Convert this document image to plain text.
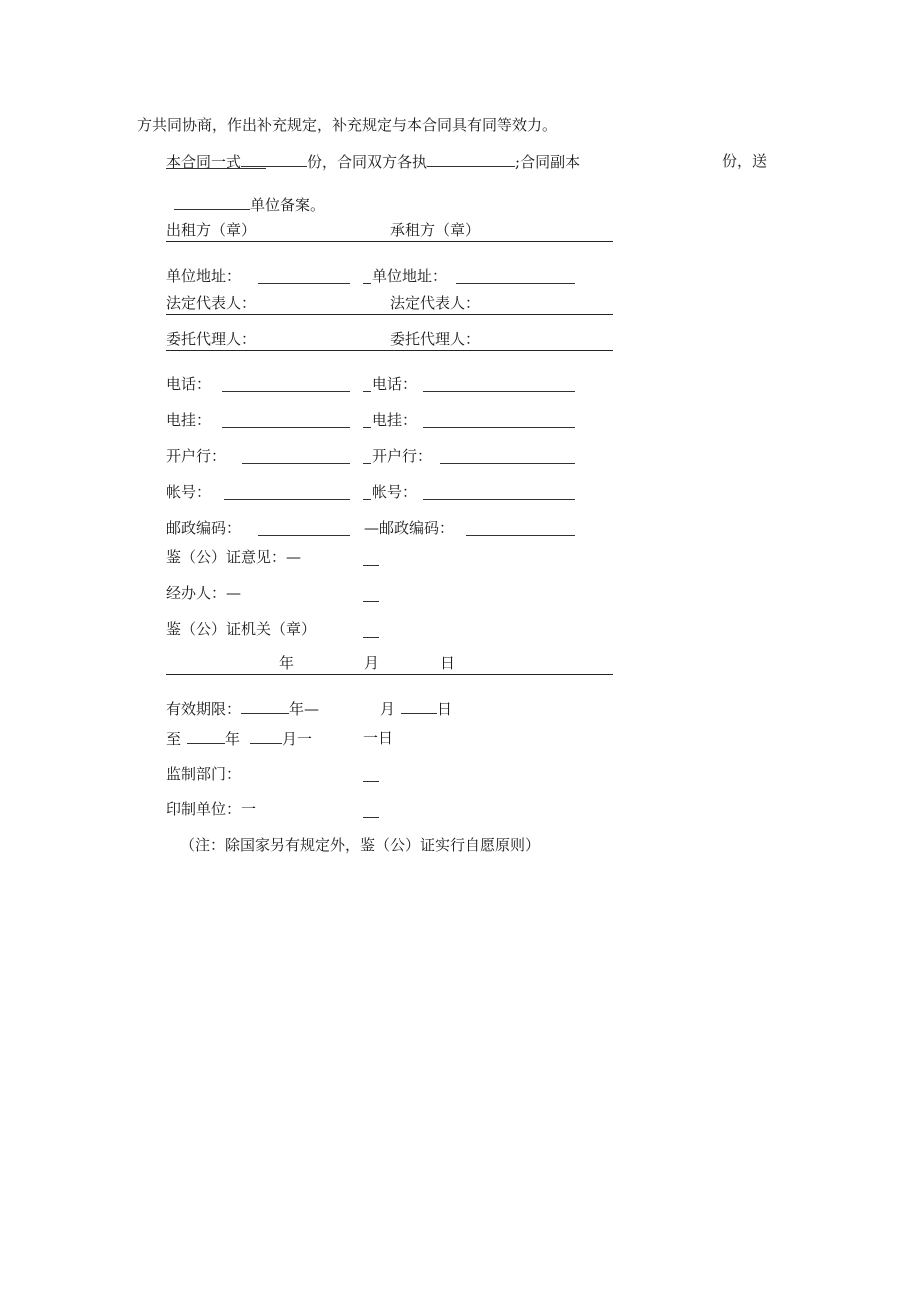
方共同协商，作出补充规定，补充规定与本合同具有同等效力。
本合同一式	份，合同双方各执	;合同副本	份，送
单位备案。
出租方（章）	承租方（章）
单位地址：	单位地址：
法定代表人：	法定代表人：
委托代理人：	委托代理人：
电话：	电话：
电挂：	电挂：
开户行：	开户行：
帐号：	帐号：
邮政编码：	—邮政编码：
鉴（公）证意见：—
经办人：—
鉴（公）证机关（章）
年	月	日
有效期限：	年—	月	日
至	年	月一	一日
监制部门：
印制单位：一
（注：除国家另有规定外，鉴（公）证实行自愿原则）
